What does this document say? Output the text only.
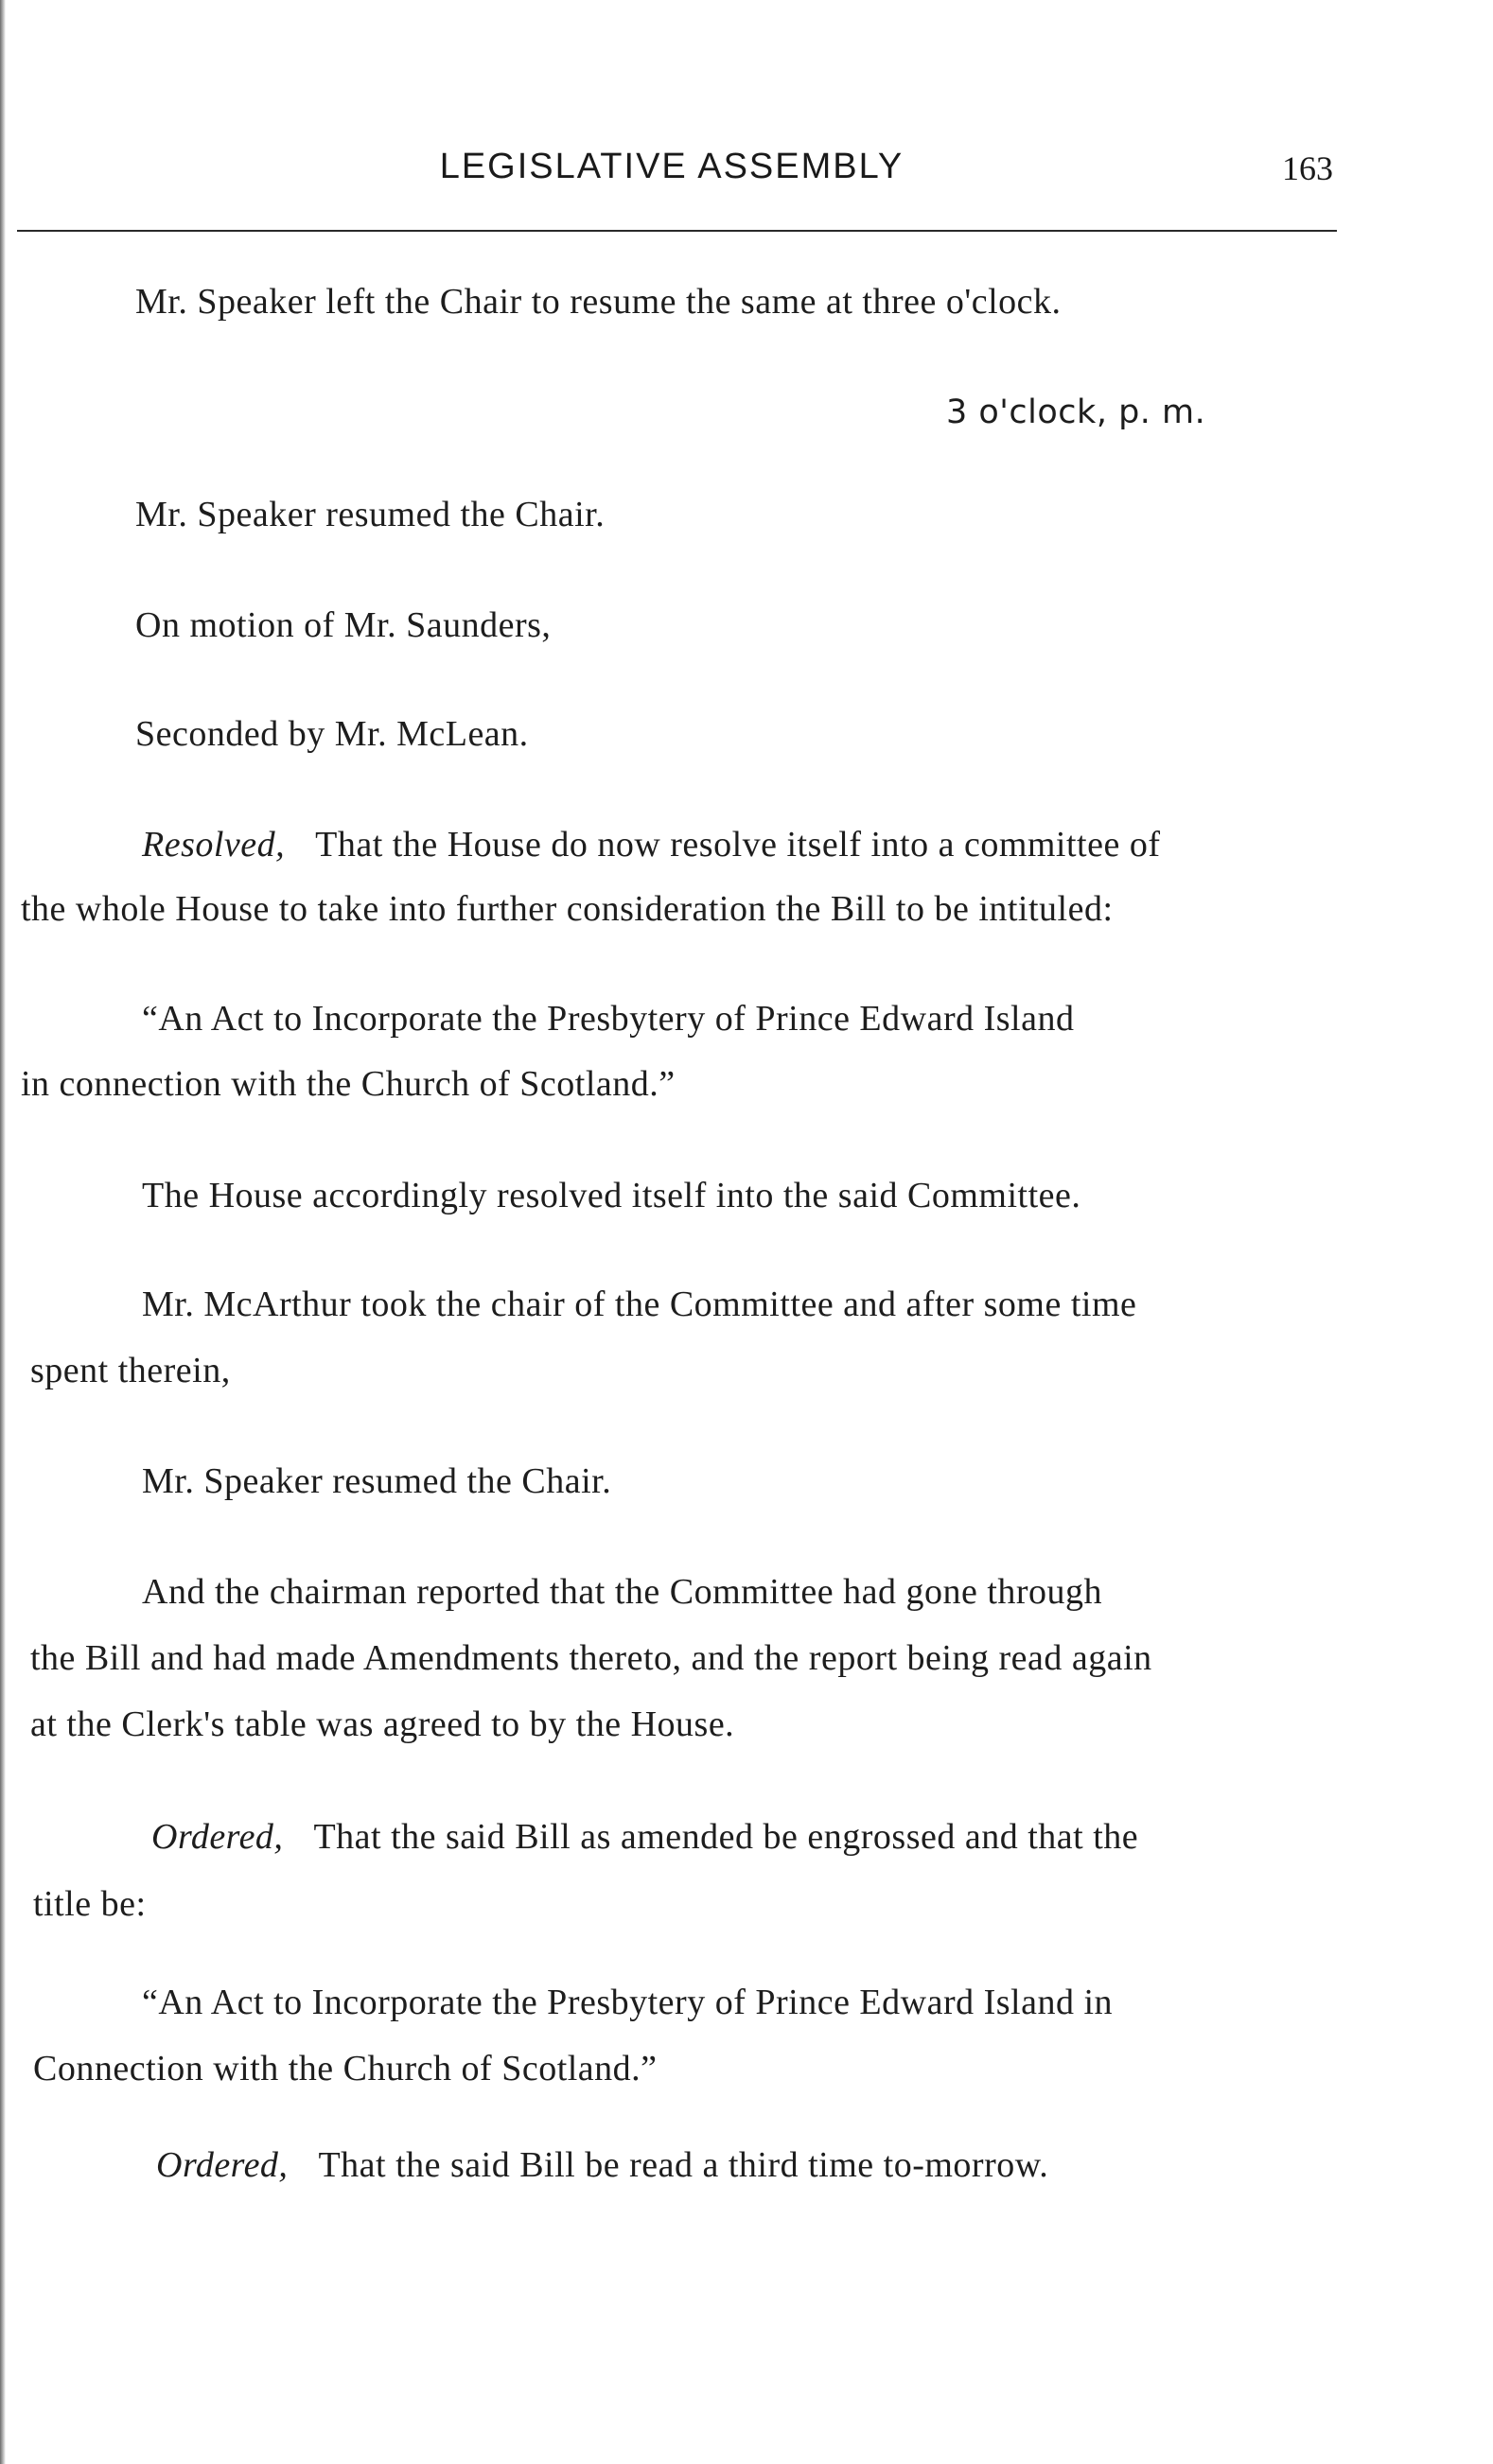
LEGISLATIVE ASSEMBLY	163
Mr. Speaker left the Chair to resume the same at three o'clock.
3 o'clock, p. m.
Mr. Speaker resumed the Chair.
On motion of Mr. Saunders,
Seconded by Mr. McLean.
Resolved, That the House do now resolve itself into a committee of
the whole House to take into further consideration the Bill to be intituled:
“An Act to Incorporate the Presbytery of Prince Edward Island
in connection with the Church of Scotland.”
The House accordingly resolved itself into the said Committee.
Mr. McArthur took the chair of the Committee and after some time
spent therein,
Mr. Speaker resumed the Chair.
And the chairman reported that the Committee had gone through
the Bill and had made Amendments thereto, and the report being read again
at the Clerk's table was agreed to by the House.
Ordered, That the said Bill as amended be engrossed and that the
title be:
“An Act to Incorporate the Presbytery of Prince Edward Island in
Connection with the Church of Scotland.”
Ordered, That the said Bill be read a third time to-morrow.
